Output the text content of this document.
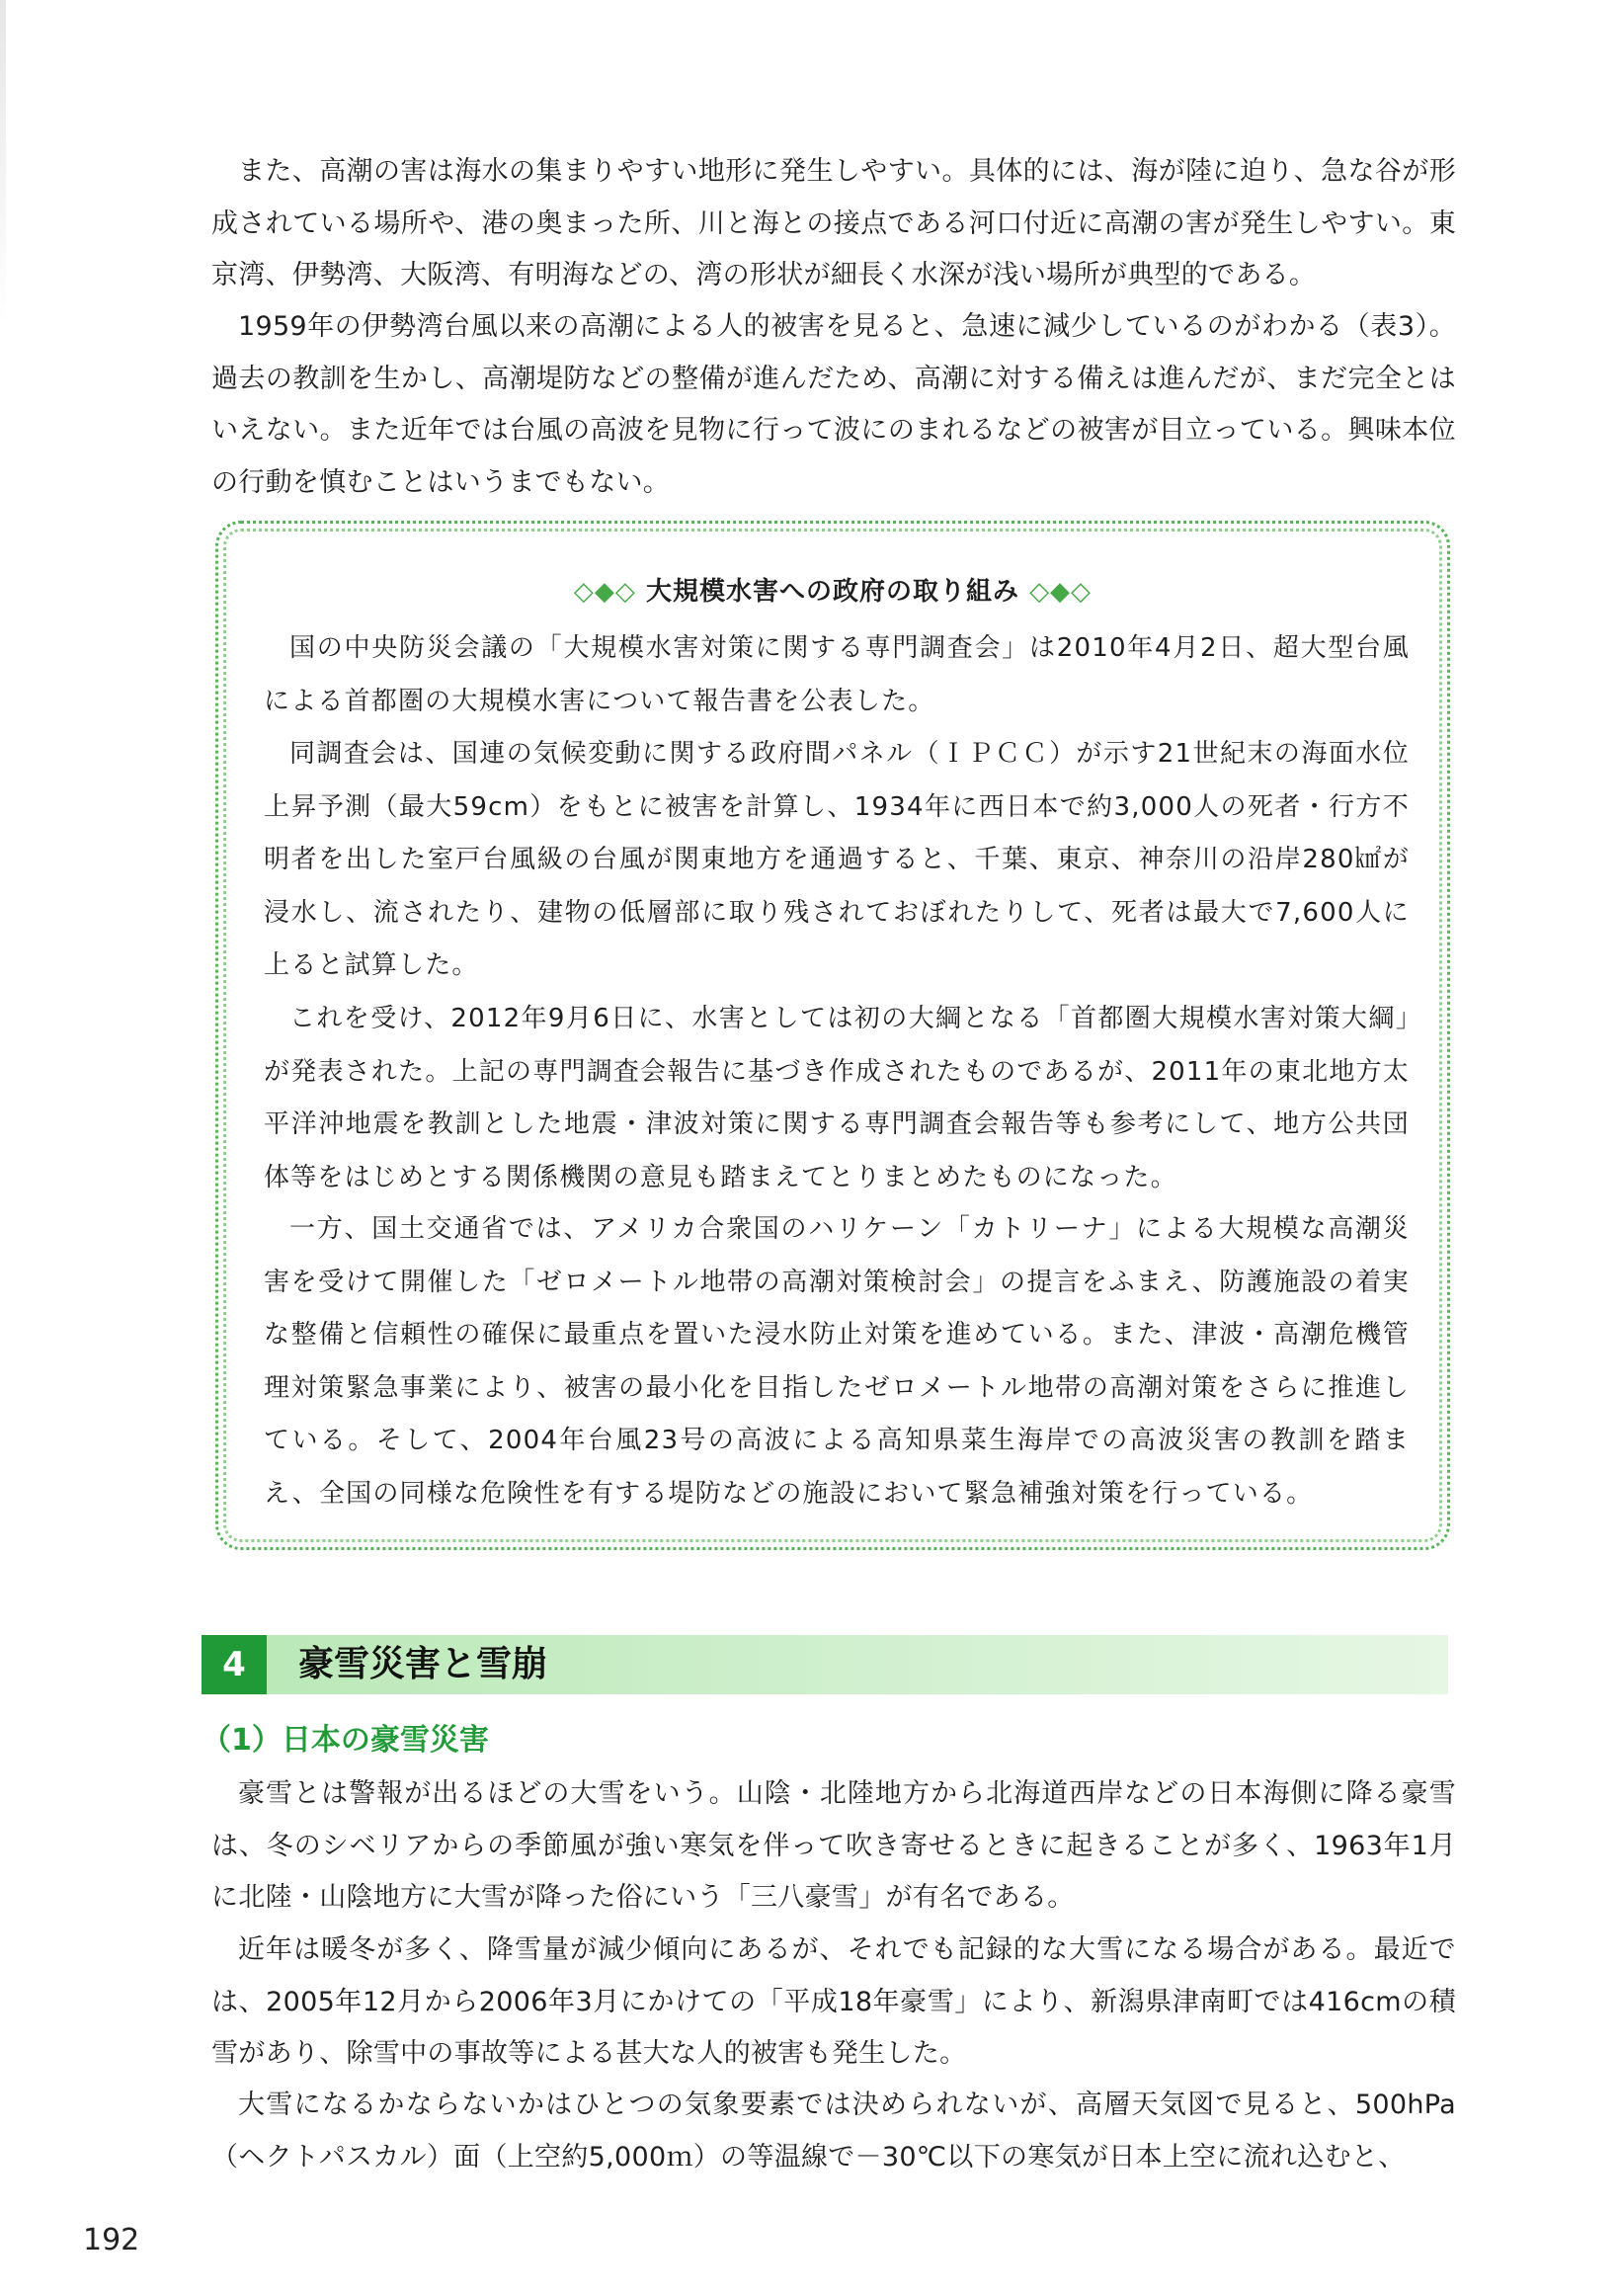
また、高潮の害は海水の集まりやすい地形に発生しやすい。具体的には、海が陸に迫り、急な谷が形成されている場所や、港の奥まった所、川と海との接点である河口付近に高潮の害が発生しやすい。東京湾、伊勢湾、大阪湾、有明海などの、湾の形状が細長く水深が浅い場所が典型的である。

1959年の伊勢湾台風以来の高潮による人的被害を見ると、急速に減少しているのがわかる（表3）。過去の教訓を生かし、高潮堤防などの整備が進んだため、高潮に対する備えは進んだが、まだ完全とはいえない。また近年では台風の高波を見物に行って波にのまれるなどの被害が目立っている。興味本位の行動を慎むことはいうまでもない。

◇◆◇ 大規模水害への政府の取り組み ◇◆◇

国の中央防災会議の「大規模水害対策に関する専門調査会」は2010年4月2日、超大型台風による首都圏の大規模水害について報告書を公表した。

同調査会は、国連の気候変動に関する政府間パネル（ＩＰＣＣ）が示す21世紀末の海面水位上昇予測（最大59cm）をもとに被害を計算し、1934年に西日本で約3,000人の死者・行方不明者を出した室戸台風級の台風が関東地方を通過すると、千葉、東京、神奈川の沿岸280㎢が浸水し、流されたり、建物の低層部に取り残されておぼれたりして、死者は最大で7,600人に上ると試算した。

これを受け、2012年9月6日に、水害としては初の大綱となる「首都圏大規模水害対策大綱」が発表された。上記の専門調査会報告に基づき作成されたものであるが、2011年の東北地方太平洋沖地震を教訓とした地震・津波対策に関する専門調査会報告等も参考にして、地方公共団体等をはじめとする関係機関の意見も踏まえてとりまとめたものになった。

一方、国土交通省では、アメリカ合衆国のハリケーン「カトリーナ」による大規模な高潮災害を受けて開催した「ゼロメートル地帯の高潮対策検討会」の提言をふまえ、防護施設の着実な整備と信頼性の確保に最重点を置いた浸水防止対策を進めている。また、津波・高潮危機管理対策緊急事業により、被害の最小化を目指したゼロメートル地帯の高潮対策をさらに推進している。そして、2004年台風23号の高波による高知県菜生海岸での高波災害の教訓を踏まえ、全国の同様な危険性を有する堤防などの施設において緊急補強対策を行っている。

4	豪雪災害と雪崩

（1）日本の豪雪災害

豪雪とは警報が出るほどの大雪をいう。山陰・北陸地方から北海道西岸などの日本海側に降る豪雪は、冬のシベリアからの季節風が強い寒気を伴って吹き寄せるときに起きることが多く、1963年1月に北陸・山陰地方に大雪が降った俗にいう「三八豪雪」が有名である。

近年は暖冬が多く、降雪量が減少傾向にあるが、それでも記録的な大雪になる場合がある。最近では、2005年12月から2006年3月にかけての「平成18年豪雪」により、新潟県津南町では416cmの積雪があり、除雪中の事故等による甚大な人的被害も発生した。

大雪になるかならないかはひとつの気象要素では決められないが、高層天気図で見ると、500hPa（ヘクトパスカル）面（上空約5,000ｍ）の等温線で－30℃以下の寒気が日本上空に流れ込むと、

192
